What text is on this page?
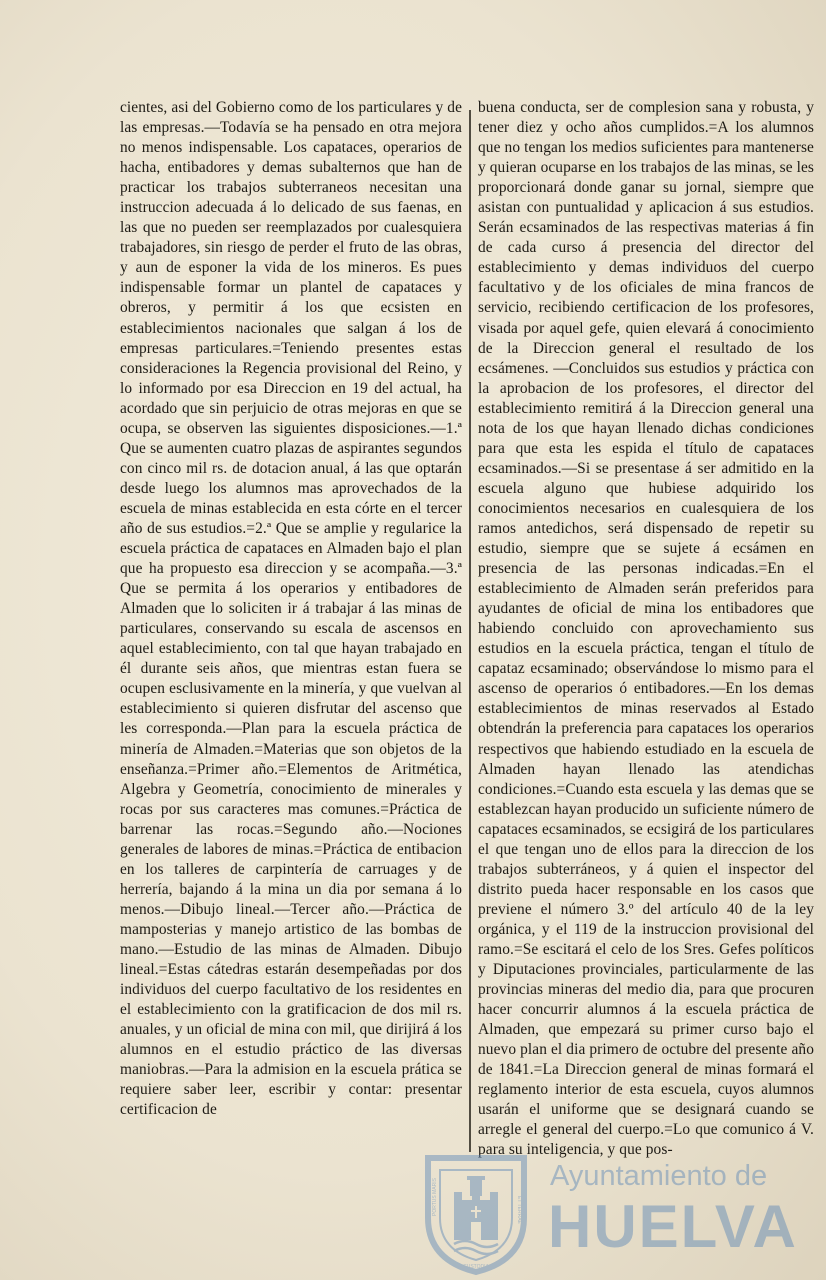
cientes, asi del Gobierno como de los particulares y de las empresas.—Todavía se ha pensado en otra mejora no menos indispensable. Los capataces, operarios de hacha, entibadores y demas subalternos que han de practicar los trabajos subterraneos necesitan una instruccion adecuada á lo delicado de sus faenas, en las que no pueden ser reemplazados por cualesquiera trabajadores, sin riesgo de perder el fruto de las obras, y aun de esponer la vida de los mineros. Es pues indispensable formar un plantel de capataces y obreros, y permitir á los que ecsisten en establecimientos nacionales que salgan á los de empresas particulares.=Teniendo presentes estas consideraciones la Regencia provisional del Reino, y lo informado por esa Direccion en 19 del actual, ha acordado que sin perjuicio de otras mejoras en que se ocupa, se observen las siguientes disposiciones.—1.ª Que se aumenten cuatro plazas de aspirantes segundos con cinco mil rs. de dotacion anual, á las que optarán desde luego los alumnos mas aprovechados de la escuela de minas establecida en esta córte en el tercer año de sus estudios.=2.ª Que se amplie y regularice la escuela práctica de capataces en Almaden bajo el plan que ha propuesto esa direccion y se acompaña.—3.ª Que se permita á los operarios y entibadores de Almaden que lo soliciten ir á trabajar á las minas de particulares, conservando su escala de ascensos en aquel establecimiento, con tal que hayan trabajado en él durante seis años, que mientras estan fuera se ocupen esclusivamente en la minería, y que vuelvan al establecimiento si quieren disfrutar del ascenso que les corresponda.—Plan para la escuela práctica de minería de Almaden.=Materias que son objetos de la enseñanza.=Primer año.=Elementos de Aritmética, Algebra y Geometría, conocimiento de minerales y rocas por sus caracteres mas comunes.=Práctica de barrenar las rocas.=Segundo año.—Nociones generales de labores de minas.=Práctica de entibacion en los talleres de carpintería de carruages y de herrería, bajando á la mina un dia por semana á lo menos.—Dibujo lineal.—Tercer año.—Práctica de mamposterias y manejo artistico de las bombas de mano.—Estudio de las minas de Almaden. Dibujo lineal.=Estas cátedras estarán desempeñadas por dos individuos del cuerpo facultativo de los residentes en el establecimiento con la gratificacion de dos mil rs. anuales, y un oficial de mina con mil, que dirijirá á los alumnos en el estudio práctico de las diversas maniobras.—Para la admision en la escuela prática se requiere saber leer, escribir y contar: presentar certificacion de

buena conducta, ser de complesion sana y robusta, y tener diez y ocho años cumplidos.=A los alumnos que no tengan los medios suficientes para mantenerse y quieran ocuparse en los trabajos de las minas, se les proporcionará donde ganar su jornal, siempre que asistan con puntualidad y aplicacion á sus estudios. Serán ecsaminados de las respectivas materias á fin de cada curso á presencia del director del establecimiento y demas individuos del cuerpo facultativo y de los oficiales de mina francos de servicio, recibiendo certificacion de los profesores, visada por aquel gefe, quien elevará á conocimiento de la Direccion general el resultado de los ecsámenes. —Concluidos sus estudios y práctica con la aprobacion de los profesores, el director del establecimiento remitirá á la Direccion general una nota de los que hayan llenado dichas condiciones para que esta les espida el título de capataces ecsaminados.—Si se presentase á ser admitido en la escuela alguno que hubiese adquirido los conocimientos necesarios en cualesquiera de los ramos antedichos, será dispensado de repetir su estudio, siempre que se sujete á ecsámen en presencia de las personas indicadas.=En el establecimiento de Almaden serán preferidos para ayudantes de oficial de mina los entibadores que habiendo concluido con aprovechamiento sus estudios en la escuela práctica, tengan el título de capataz ecsaminado; observándose lo mismo para el ascenso de operarios ó entibadores.—En los demas establecimientos de minas reservados al Estado obtendrán la preferencia para capataces los operarios respectivos que habiendo estudiado en la escuela de Almaden hayan llenado las atendichas condiciones.=Cuando esta escuela y las demas que se establezcan hayan producido un suficiente número de capataces ecsaminados, se ecsigirá de los particulares el que tengan uno de ellos para la direccion de los trabajos subterráneos, y á quien el inspector del distrito pueda hacer responsable en los casos que previene el número 3.º del artículo 40 de la ley orgánica, y el 119 de la instruccion provisional del ramo.=Se escitará el celo de los Sres. Gefes políticos y Diputaciones provinciales, particularmente de las provincias mineras del medio dia, para que procuren hacer concurrir alumnos á la escuela práctica de Almaden, que empezará su primer curso bajo el nuevo plan el dia primero de octubre del presente año de 1841.=La Direccion general de minas formará el reglamento interior de esta escuela, cuyos alumnos usarán el uniforme que se designará cuando se arregle el general del cuerpo.=Lo que comunico á V. para su inteligencia, y que pos-

PORTUS MARIS	ET TERRAE
CUSTODIA
Ayuntamiento de
HUELVA
